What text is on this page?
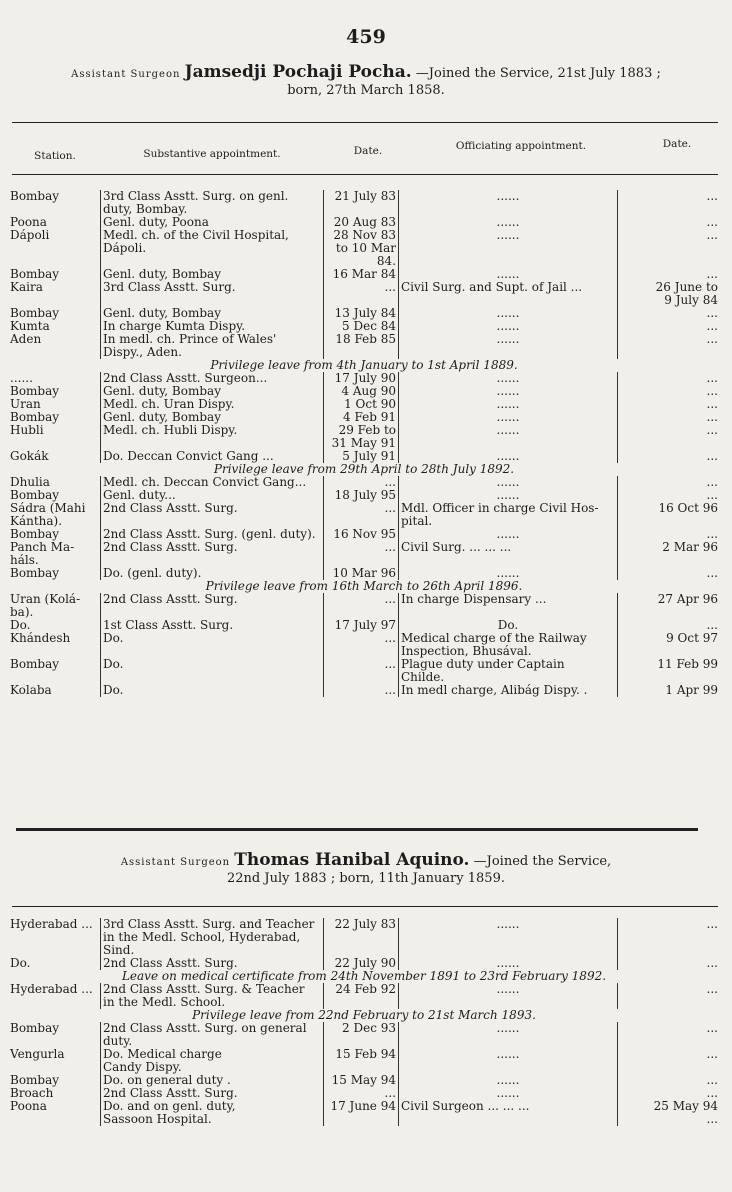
459
Assistant Surgeon Jamsedji Pochaji Pocha. —Joined the Service, 21st July 1883 ;
born, 27th March 1858.
Station.	Substantive appointment.	Date.	Officiating appointment.	Date.
Bombay	3rd Class Asstt. Surg. on genl.	21 July 83	......	...
	duty, Bombay.			
Poona	Genl. duty, Poona	20 Aug 83	......	...
Dápoli	Medl. ch. of the Civil Hospital,	28 Nov 83	......	...
	Dápoli.	to 10 Mar		
		84.		
Bombay	Genl. duty, Bombay	16 Mar 84	......	...
Kaira	3rd Class Asstt. Surg.	...	Civil Surg. and Supt. of Jail ...	26 June to
				9 July 84
Bombay	Genl. duty, Bombay	13 July 84	......	...
Kumta	In charge Kumta Dispy.	5 Dec 84	......	...
Aden	In medl. ch. Prince of Wales'	18 Feb 85	......	...
	Dispy., Aden.			
Privilege leave from 4th January to 1st April 1889.				
......	2nd Class Asstt. Surgeon...	17 July 90	......	...
Bombay	Genl. duty, Bombay	4 Aug 90	......	...
Uran	Medl. ch. Uran Dispy.	1 Oct 90	......	...
Bombay	Genl. duty, Bombay	4 Feb 91	......	...
Hubli	Medl. ch. Hubli Dispy.	29 Feb to	......	...
		31 May 91		
Gokák	Do. Deccan Convict Gang ...	5 July 91	......	...
Privilege leave from 29th April to 28th July 1892.				
Dhulia	Medl. ch. Deccan Convict Gang...	...	......	...
Bombay	Genl. duty...	18 July 95	......	...
Sádra (Mahi	2nd Class Asstt. Surg.	...	Mdl. Officer in charge Civil Hos-	16 Oct 96
Kántha).			pital.	
Bombay	2nd Class Asstt. Surg. (genl. duty).	16 Nov 95	......	...
Panch Ma-	2nd Class Asstt. Surg.	...	Civil Surg. ... ... ...	2 Mar 96
háls.				
Bombay	Do. (genl. duty).	10 Mar 96	......	...
Privilege leave from 16th March to 26th April 1896.				
Uran (Kolá-	2nd Class Asstt. Surg.	...	In charge Dispensary ...	27 Apr 96
ba).				
Do.	1st Class Asstt. Surg.	17 July 97	Do.	...
Khándesh	Do.	...	Medical charge of the Railway	9 Oct 97
			Inspection, Bhusával.	
Bombay	Do.	...	Plague duty under Captain	11 Feb 99
			Childe.	
Kolaba	Do.	...	In medl charge, Alibág Dispy. .	1 Apr 99
Assistant Surgeon Thomas Hanibal Aquino. —Joined the Service,
22nd July 1883 ; born, 11th January 1859.
Hyderabad ...	3rd Class Asstt. Surg. and Teacher	22 July 83	......	...
	in the Medl. School, Hyderabad,			
	Sind.			
Do.	2nd Class Asstt. Surg.	22 July 90	......	...
Leave on medical certificate from 24th November 1891 to 23rd February 1892.				
Hyderabad ...	2nd Class Asstt. Surg. & Teacher	24 Feb 92	......	...
	in the Medl. School.			
Privilege leave from 22nd February to 21st March 1893.				
Bombay	2nd Class Asstt. Surg. on general	2 Dec 93	......	...
	duty.			
Vengurla	Do. Medical charge	15 Feb 94	......	...
	Candy Dispy.			
Bombay	Do. on general duty .	15 May 94	......	...
Broach	2nd Class Asstt. Surg.	...	......	...
Poona	Do. and on genl. duty,	17 June 94	Civil Surgeon ... ... ...	25 May 94
	Sassoon Hospital.			...
